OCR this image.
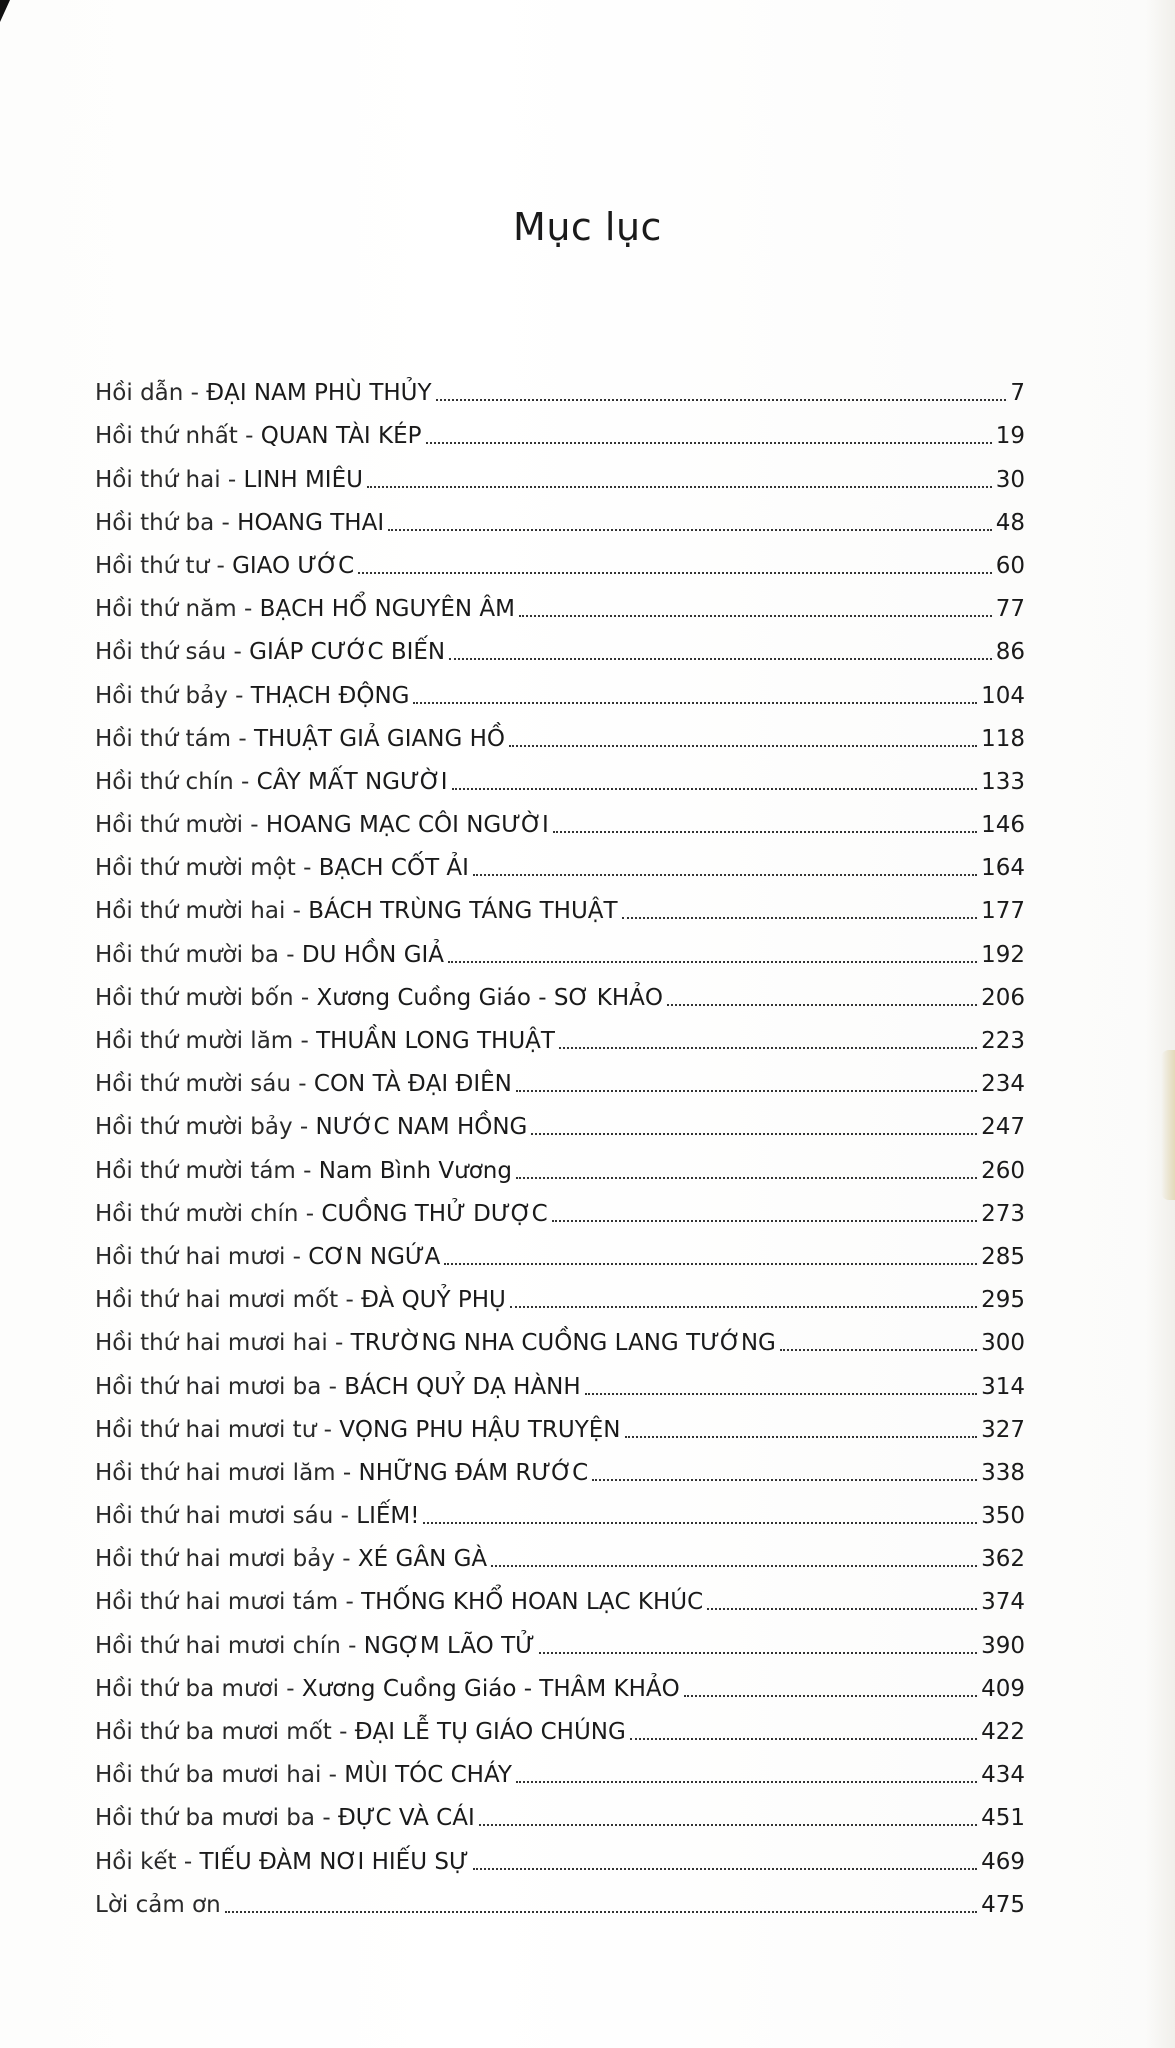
Mục lục
Hồi dẫn - ĐẠI NAM PHÙ THỦY	7
Hồi thứ nhất - QUAN TÀI KÉP	19
Hồi thứ hai - LINH MIÊU	30
Hồi thứ ba - HOANG THAI	48
Hồi thứ tư - GIAO ƯỚC	60
Hồi thứ năm - BẠCH HỔ NGUYÊN ÂM	77
Hồi thứ sáu - GIÁP CƯỚC BIẾN	86
Hồi thứ bảy - THẠCH ĐỘNG	104
Hồi thứ tám - THUẬT GIẢ GIANG HỒ	118
Hồi thứ chín - CÂY MẤT NGƯỜI	133
Hồi thứ mười - HOANG MẠC CÔI NGƯỜI	146
Hồi thứ mười một - BẠCH CỐT ẢI	164
Hồi thứ mười hai - BÁCH TRÙNG TÁNG THUẬT	177
Hồi thứ mười ba - DU HỒN GIẢ	192
Hồi thứ mười bốn - Xương Cuồng Giáo - SƠ KHẢO	206
Hồi thứ mười lăm - THUẦN LONG THUẬT	223
Hồi thứ mười sáu - CON TÀ ĐẠI ĐIÊN	234
Hồi thứ mười bảy - NƯỚC NAM HỒNG	247
Hồi thứ mười tám - Nam Bình Vương	260
Hồi thứ mười chín - CUỒNG THỬ DƯỢC	273
Hồi thứ hai mươi - CƠN NGỨA	285
Hồi thứ hai mươi mốt - ĐÀ QUỶ PHỤ	295
Hồi thứ hai mươi hai - TRƯỜNG NHA CUỒNG LANG TƯỚNG	300
Hồi thứ hai mươi ba - BÁCH QUỶ DẠ HÀNH	314
Hồi thứ hai mươi tư - VỌNG PHU HẬU TRUYỆN	327
Hồi thứ hai mươi lăm - NHỮNG ĐÁM RƯỚC	338
Hồi thứ hai mươi sáu - LIẾM!	350
Hồi thứ hai mươi bảy - XÉ GÂN GÀ	362
Hồi thứ hai mươi tám - THỐNG KHỔ HOAN LẠC KHÚC	374
Hồi thứ hai mươi chín - NGỢM LÃO TỬ	390
Hồi thứ ba mươi - Xương Cuồng Giáo - THÂM KHẢO	409
Hồi thứ ba mươi mốt - ĐẠI LỄ TỤ GIÁO CHÚNG	422
Hồi thứ ba mươi hai - MÙI TÓC CHÁY	434
Hồi thứ ba mươi ba - ĐỰC VÀ CÁI	451
Hồi kết - TIẾU ĐÀM NƠI HIẾU SỰ	469
Lời cảm ơn	475
